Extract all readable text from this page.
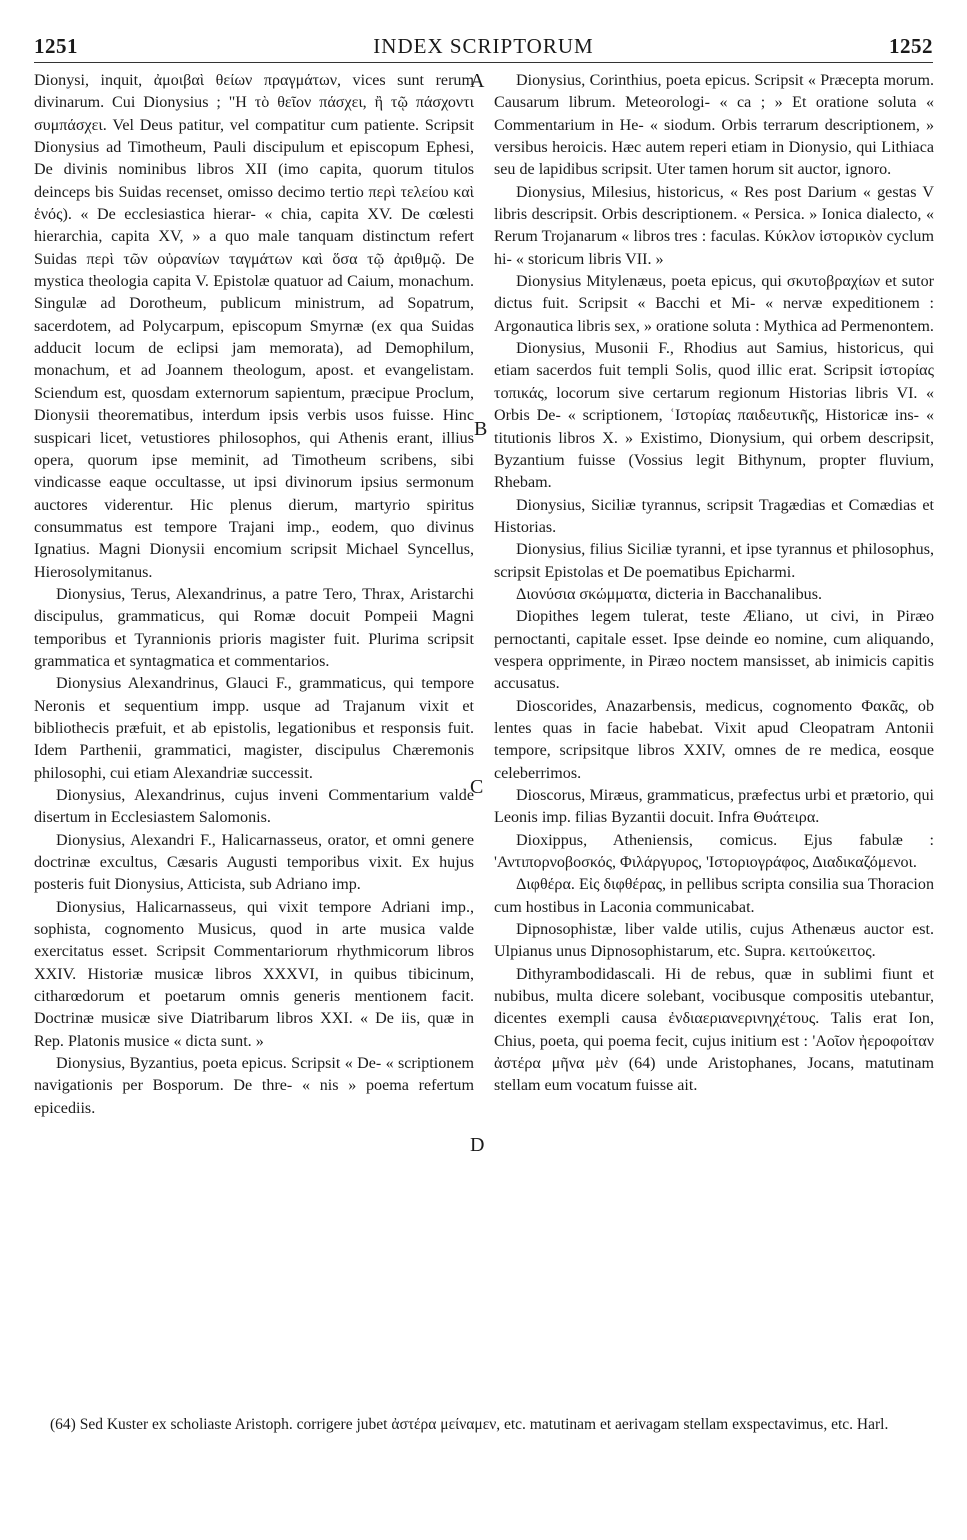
1251	INDEX SCRIPTORUM	1252
A
B
C
D

Dionysi, inquit, ἀμοιβαὶ θείων πραγμάτων, vices sunt rerum divinarum. Cui Dionysius ; "Η τὸ θεῖον πάσχει, ἢ τῷ πάσχοντι συμπάσχει. Vel Deus patitur, vel compatitur cum patiente. Scripsit Dionysius ad Timotheum, Pauli discipulum et episcopum Ephesi, De divinis nominibus libros XII (imo capita, quorum titulos deinceps bis Suidas recenset, omisso decimo tertio περὶ τελείου καὶ ἑνός). « De ecclesiastica hierar- « chia, capita XV. De cœlesti hierarchia, capita XV, » a quo male tanquam distinctum refert Suidas περὶ τῶν οὐρανίων ταγμάτων καὶ ὅσα τῷ ἀριθμῷ. De mystica theologia capita V. Epistolæ quatuor ad Caium, monachum. Singulæ ad Dorotheum, publicum ministrum, ad Sopatrum, sacerdotem, ad Polycarpum, episcopum Smyrnæ (ex qua Suidas adducit locum de eclipsi jam memorata), ad Demophilum, monachum, et ad Joannem theologum, apost. et evangelistam. Sciendum est, quosdam externorum sapientum, præcipue Proclum, Dionysii theorematibus, interdum ipsis verbis usos fuisse. Hinc suspicari licet, vetustiores philosophos, qui Athenis erant, illius opera, quorum ipse meminit, ad Timotheum scribens, sibi vindicasse eaque occultasse, ut ipsi divinorum ipsius sermonum auctores viderentur. Hic plenus dierum, martyrio spiritus consummatus est tempore Trajani imp., eodem, quo divinus Ignatius. Magni Dionysii encomium scripsit Michael Syncellus, Hierosolymitanus.

Dionysius, Terus, Alexandrinus, a patre Tero, Thrax, Aristarchi discipulus, grammaticus, qui Romæ docuit Pompeii Magni temporibus et Tyrannionis prioris magister fuit. Plurima scripsit grammatica et syntagmatica et commentarios.

Dionysius Alexandrinus, Glauci F., grammaticus, qui tempore Neronis et sequentium impp. usque ad Trajanum vixit et bibliothecis præfuit, et ab epistolis, legationibus et responsis fuit. Idem Parthenii, grammatici, magister, discipulus Chæremonis philosophi, cui etiam Alexandriæ successit.

Dionysius, Alexandrinus, cujus inveni Commentarium valde disertum in Ecclesiastem Salomonis.

Dionysius, Alexandri F., Halicarnasseus, orator, et omni genere doctrinæ excultus, Cæsaris Augusti temporibus vixit. Ex hujus posteris fuit Dionysius, Atticista, sub Adriano imp.

Dionysius, Halicarnasseus, qui vixit tempore Adriani imp., sophista, cognomento Musicus, quod in arte musica valde exercitatus esset. Scripsit Commentariorum rhythmicorum libros XXIV. Historiæ musicæ libros XXXVI, in quibus tibicinum, citharœdorum et poetarum omnis generis mentionem facit. Doctrinæ musicæ sive Diatribarum libros XXI. « De iis, quæ in Rep. Platonis musice « dicta sunt. »

Dionysius, Byzantius, poeta epicus. Scripsit « De- « scriptionem navigationis per Bosporum. De thre- « nis » poema refertum epicediis.

Dionysius, Corinthius, poeta epicus. Scripsit « Præcepta morum. Causarum librum. Meteorologi- « ca ; » Et oratione soluta « Commentarium in He- « siodum. Orbis terrarum descriptionem, » versibus heroicis. Hæc autem reperi etiam in Dionysio, qui Lithiaca seu de lapidibus scripsit. Uter tamen horum sit auctor, ignoro.

Dionysius, Milesius, historicus, « Res post Darium « gestas V libris descripsit. Orbis descriptionem. « Persica. » Ionica dialecto, « Rerum Trojanarum « libros tres : faculas. Κύκλον ἱστορικὸν cyclum hi- « storicum libris VII. »

Dionysius Mitylenæus, poeta epicus, qui σκυτοβραχίων et sutor dictus fuit. Scripsit « Bacchi et Mi- « nervæ expeditionem : Argonautica libris sex, » oratione soluta : Mythica ad Permenontem.

Dionysius, Musonii F., Rhodius aut Samius, historicus, qui etiam sacerdos fuit templi Solis, quod illic erat. Scripsit ἱστορίας τοπικάς, locorum sive certarum regionum Historias libris VI. « Orbis De- « scriptionem, ʿΙστορίας παιδευτικῆς, Historicæ ins- « titutionis libros X. » Existimo, Dionysium, qui orbem descripsit, Byzantium fuisse (Vossius legit Bithynum, propter fluvium, Rhebam.

Dionysius, Siciliæ tyrannus, scripsit Tragædias et Comædias et Historias.

Dionysius, filius Siciliæ tyranni, et ipse tyrannus et philosophus, scripsit Epistolas et De poematibus Epicharmi.

Διονύσια σκώμματα, dicteria in Bacchanalibus.

Diopithes legem tulerat, teste Æliano, ut civi, in Piræo pernoctanti, capitale esset. Ipse deinde eo nomine, cum aliquando, vespera opprimente, in Piræo noctem mansisset, ab inimicis capitis accusatus.

Dioscorides, Anazarbensis, medicus, cognomento Φακᾶς, ob lentes quas in facie habebat. Vixit apud Cleopatram Antonii tempore, scripsitque libros XXIV, omnes de re medica, eosque celeberrimos.

Dioscorus, Miræus, grammaticus, præfectus urbi et prætorio, qui Leonis imp. filias Byzantii docuit. Infra Θυάτειρα.

Dioxippus, Atheniensis, comicus. Ejus fabulæ : 'Αντιπορνοβοσκός, Φιλάργυρος, 'Ιστοριογράφος, Διαδικαζόμενοι.

Διφθέρα. Εἰς διφθέρας, in pellibus scripta consilia sua Thoracion cum hostibus in Laconia communicabat.

Dipnosophistæ, liber valde utilis, cujus Athenæus auctor est. Ulpianus unus Dipnosophistarum, etc. Supra. κειτούκειτος.

Dithyrambodidascali. Hi de rebus, quæ in sublimi fiunt et nubibus, multa dicere solebant, vocibusque compositis utebantur, dicentes exempli causa ἐνδιαεριανερινηχέτους. Talis erat Ion, Chius, poeta, qui poema fecit, cujus initium est : 'Αοῖον ἠεροφοίταν ἀστέρα μῆνα μὲν (64) unde Aristophanes, Jocans, matutinam stellam eum vocatum fuisse ait.

(64) Sed Kuster ex scholiaste Aristoph. corrigere jubet ἀστέρα μείναμεν, etc. matutinam et aerivagam stellam exspectavimus, etc. Harl.
